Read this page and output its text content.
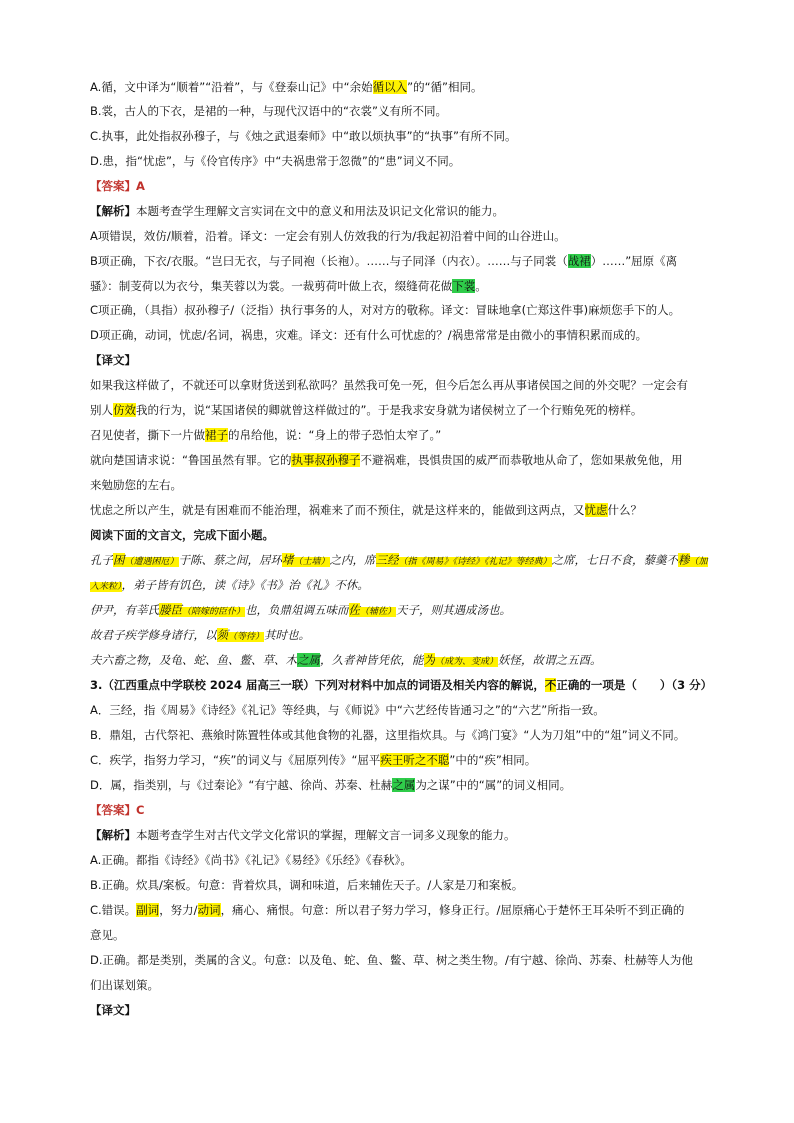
A.循，文中译为“顺着”“沿着”，与《登泰山记》中“余始循以入”的“循”相同。
B.裳，古人的下衣，是裙的一种，与现代汉语中的“衣裳”义有所不同。
C.执事，此处指叔孙穆子，与《烛之武退秦师》中“敢以烦执事”的“执事”有所不同。
D.患，指“忧虑”，与《伶官传序》中“夫祸患常于忽微”的“患”词义不同。
【答案】A
【解析】本题考查学生理解文言实词在文中的意义和用法及识记文化常识的能力。
A项错误，效仿/顺着，沿着。译文：一定会有别人仿效我的行为/我起初沿着中间的山谷进山。
B项正确，下衣/衣服。“岂曰无衣，与子同袍（长袍）。……与子同泽（内衣）。……与子同裳（战裙）……”屈原《离
骚》：制芰荷以为衣兮，集芙蓉以为裳。一裁剪荷叶做上衣，缀缝荷花做下裳。
C项正确，（具指）叔孙穆子/（泛指）执行事务的人，对对方的敬称。译文：冒昧地拿(亡郑这件事)麻烦您手下的人。
D项正确，动词，忧虑/名词，祸患，灾难。译文：还有什么可忧虑的？/祸患常常是由微小的事情积累而成的。
【译文】
如果我这样做了，不就还可以拿财货送到私欲吗？虽然我可免一死，但今后怎么再从事诸侯国之间的外交呢？一定会有
别人仿效我的行为，说“某国诸侯的卿就曾这样做过的”。于是我求安身就为诸侯树立了一个行贿免死的榜样。
召见使者，撕下一片做裙子的帛给他，说：“身上的带子恐怕太窄了。”
就向楚国请求说：“鲁国虽然有罪。它的执事叔孙穆子不避祸难，畏惧贵国的威严而恭敬地从命了，您如果赦免他，用
来勉励您的左右。
忧虑之所以产生，就是有困难而不能治理，祸难来了而不预住，就是这样来的，能做到这两点，又忧虑什么？
阅读下面的文言文，完成下面小题。
孔子困（遭遇困厄）于陈、蔡之间，居环堵（土墙）之内，席三经（指《周易》《诗经》《礼记》等经典）之席，七日不食，藜羹不糁（加
入米粒），弟子皆有饥色，读《诗》《书》治《礼》不休。
伊尹，有莘氏媵臣（陪嫁的臣仆）也，负鼎俎调五味而佐（辅佐）天子，则其遇成汤也。
故君子疾学修身诸行，以须（等待）其时也。
夫六畜之物，及龟、蛇、鱼、鳖、草、木之属，久者神皆凭依，能为（成为、变成）妖怪，故谓之五酉。
3.（江西重点中学联校 2024 届高三一联）下列对材料中加点的词语及相关内容的解说，不正确的一项是（　　）（3 分）
A．三经，指《周易》《诗经》《礼记》等经典，与《师说》中“六艺经传皆通习之”的“六艺”所指一致。
B．鼎俎，古代祭祀、燕飨时陈置牲体或其他食物的礼器，这里指炊具。与《鸿门宴》“人为刀俎”中的“俎”词义不同。
C．疾学，指努力学习，“疾”的词义与《屈原列传》“屈平疾王听之不聪”中的“疾”相同。
D．属，指类别，与《过秦论》“有宁越、徐尚、苏秦、杜赫之属为之谋”中的“属”的词义相同。
【答案】C
【解析】本题考查学生对古代文学文化常识的掌握，理解文言一词多义现象的能力。
A.正确。都指《诗经》《尚书》《礼记》《易经》《乐经》《春秋》。
B.正确。炊具/案板。句意：背着炊具，调和味道，后来辅佐天子。/人家是刀和案板。
C.错误。副词，努力/动词，痛心、痛恨。句意：所以君子努力学习，修身正行。/屈原痛心于楚怀王耳朵听不到正确的
意见。
D.正确。都是类别，类属的含义。句意：以及龟、蛇、鱼、鳖、草、树之类生物。/有宁越、徐尚、苏秦、杜赫等人为他
们出谋划策。
【译文】
